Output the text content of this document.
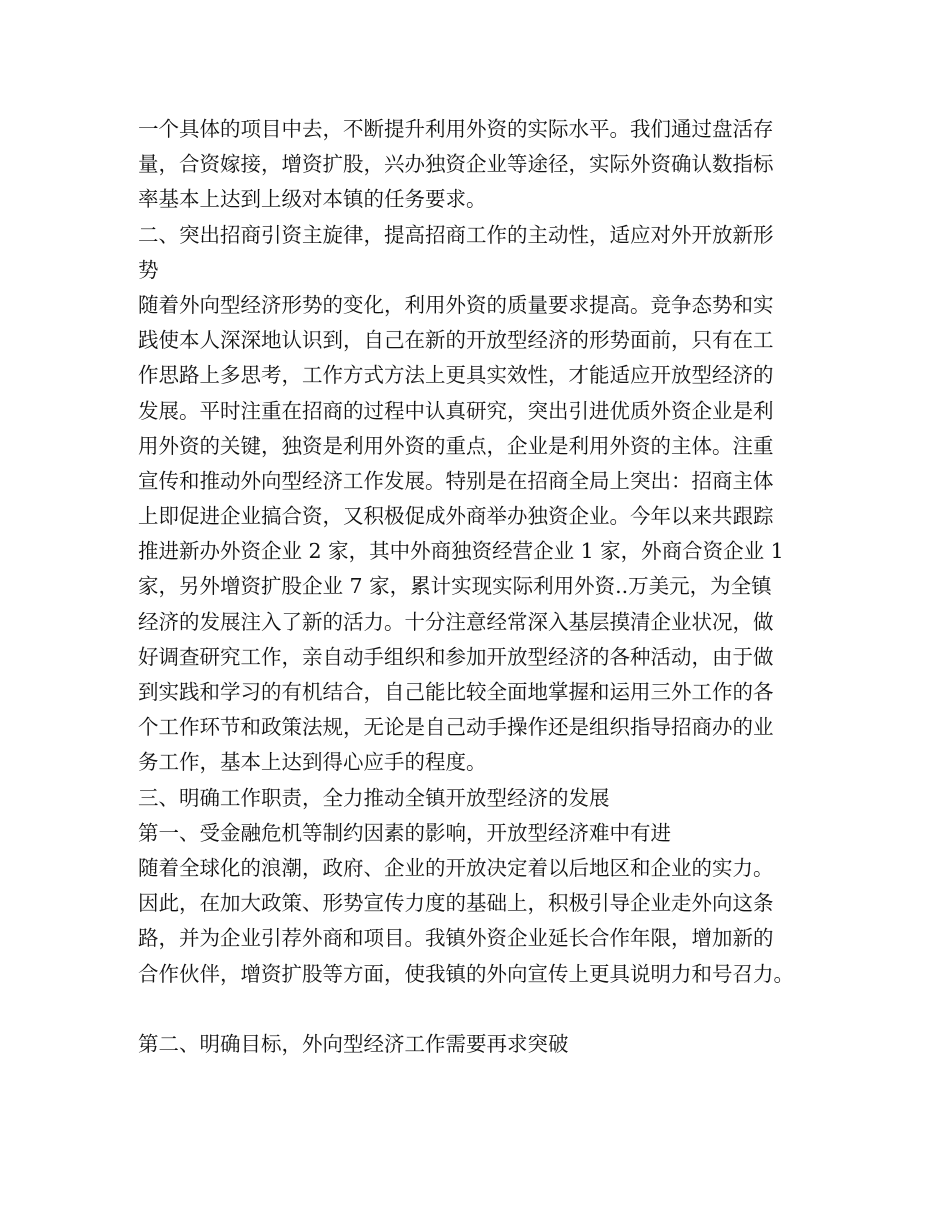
一个具体的项目中去，不断提升利用外资的实际水平。我们通过盘活存
量，合资嫁接，增资扩股，兴办独资企业等途径，实际外资确认数指标
率基本上达到上级对本镇的任务要求。
二、突出招商引资主旋律，提高招商工作的主动性，适应对外开放新形
势
随着外向型经济形势的变化，利用外资的质量要求提高。竞争态势和实
践使本人深深地认识到，自己在新的开放型经济的形势面前，只有在工
作思路上多思考，工作方式方法上更具实效性，才能适应开放型经济的
发展。平时注重在招商的过程中认真研究，突出引进优质外资企业是利
用外资的关键，独资是利用外资的重点，企业是利用外资的主体。注重
宣传和推动外向型经济工作发展。特别是在招商全局上突出：招商主体
上即促进企业搞合资，又积极促成外商举办独资企业。今年以来共跟踪
推进新办外资企业 2 家，其中外商独资经营企业 1 家，外商合资企业 1
家，另外增资扩股企业 7 家，累计实现实际利用外资..万美元，为全镇
经济的发展注入了新的活力。十分注意经常深入基层摸清企业状况，做
好调查研究工作，亲自动手组织和参加开放型经济的各种活动，由于做
到实践和学习的有机结合，自己能比较全面地掌握和运用三外工作的各
个工作环节和政策法规，无论是自己动手操作还是组织指导招商办的业
务工作，基本上达到得心应手的程度。
三、明确工作职责，全力推动全镇开放型经济的发展
第一、受金融危机等制约因素的影响，开放型经济难中有进
随着全球化的浪潮，政府、企业的开放决定着以后地区和企业的实力。
因此，在加大政策、形势宣传力度的基础上，积极引导企业走外向这条
路，并为企业引荐外商和项目。我镇外资企业延长合作年限，增加新的
合作伙伴，增资扩股等方面，使我镇的外向宣传上更具说明力和号召力。
第二、明确目标，外向型经济工作需要再求突破
